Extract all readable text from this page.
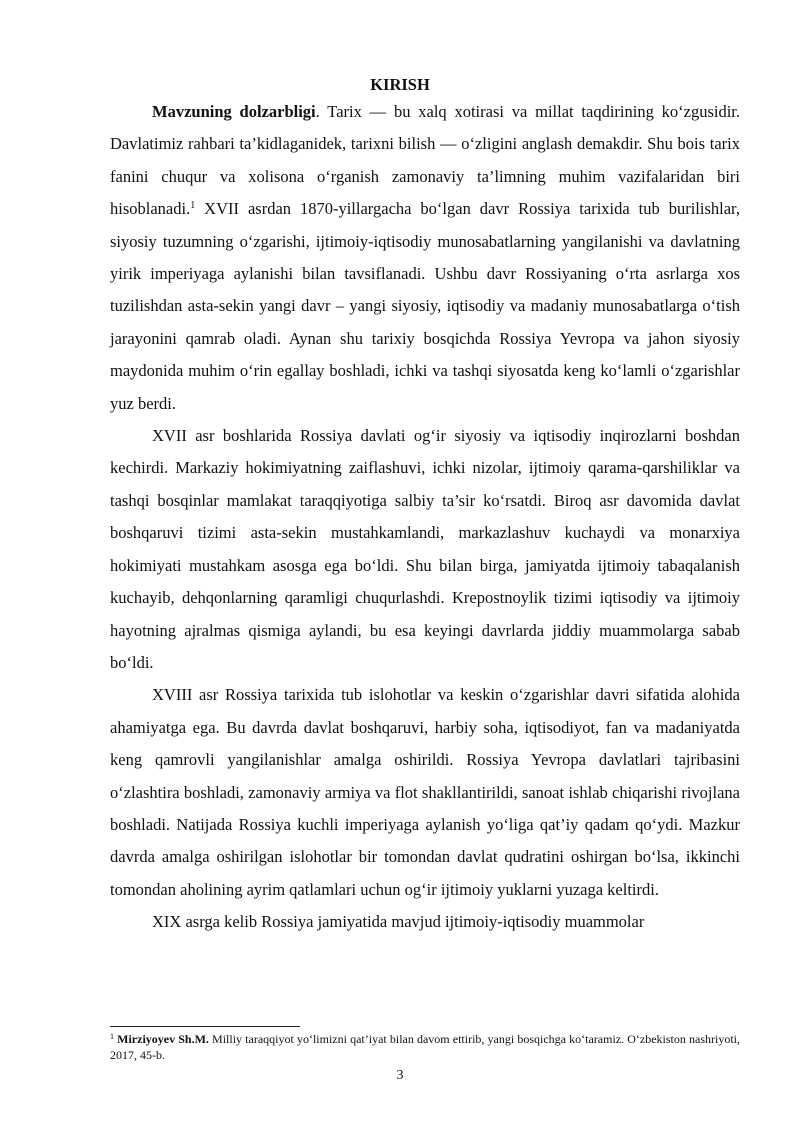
KIRISH

Mavzuning dolzarbligi. Tarix — bu xalq xotirasi va millat taqdirining ko‘zgusidir. Davlatimiz rahbari ta’kidlaganidek, tarixni bilish — o‘zligini anglash demakdir. Shu bois tarix fanini chuqur va xolisona o‘rganish zamonaviy ta’limning muhim vazifalaridan biri hisoblanadi.$^1$ XVII asrdan 1870-yillargacha bo‘lgan davr Rossiya tarixida tub burilishlar, siyosiy tuzumning o‘zgarishi, ijtimoiy-iqtisodiy munosabatlarning yangilanishi va davlatning yirik imperiyaga aylanishi bilan tavsiflanadi. Ushbu davr Rossiyaning o‘rta asrlarga xos tuzilishdan asta-sekin yangi davr – yangi siyosiy, iqtisodiy va madaniy munosabatlarga o‘tish jarayonini qamrab oladi. Aynan shu tarixiy bosqichda Rossiya Yevropa va jahon siyosiy maydonida muhim o‘rin egallay boshladi, ichki va tashqi siyosatda keng ko‘lamli o‘zgarishlar yuz berdi.

XVII asr boshlarida Rossiya davlati og‘ir siyosiy va iqtisodiy inqirozlarni boshdan kechirdi. Markaziy hokimiyatning zaiflashuvi, ichki nizolar, ijtimoiy qarama-qarshiliklar va tashqi bosqinlar mamlakat taraqqiyotiga salbiy ta’sir ko‘rsatdi. Biroq asr davomida davlat boshqaruvi tizimi asta-sekin mustahkamlandi, markazlashuv kuchaydi va monarxiya hokimiyati mustahkam asosga ega bo‘ldi. Shu bilan birga, jamiyatda ijtimoiy tabaqalanish kuchayib, dehqonlarning qaramligi chuqurlashdi. Krepostnoylik tizimi iqtisodiy va ijtimoiy hayotning ajralmas qismiga aylandi, bu esa keyingi davrlarda jiddiy muammolarga sabab bo‘ldi.

XVIII asr Rossiya tarixida tub islohotlar va keskin o‘zgarishlar davri sifatida alohida ahamiyatga ega. Bu davrda davlat boshqaruvi, harbiy soha, iqtisodiyot, fan va madaniyatda keng qamrovli yangilanishlar amalga oshirildi. Rossiya Yevropa davlatlari tajribasini o‘zlashtira boshladi, zamonaviy armiya va flot shakllantirildi, sanoat ishlab chiqarishi rivojlana boshladi. Natijada Rossiya kuchli imperiyaga aylanish yo‘liga qat’iy qadam qo‘ydi. Mazkur davrda amalga oshirilgan islohotlar bir tomondan davlat qudratini oshirgan bo‘lsa, ikkinchi tomondan aholining ayrim qatlamlari uchun og‘ir ijtimoiy yuklarni yuzaga keltirdi.

XIX asrga kelib Rossiya jamiyatida mavjud ijtimoiy-iqtisodiy muammolar

$^1$ Mirziyoyev Sh.M. Milliy taraqqiyot yo‘limizni qat’iyat bilan davom ettirib, yangi bosqichga ko‘taramiz. O‘zbekiston nashriyoti, 2017, 45-b.
3
